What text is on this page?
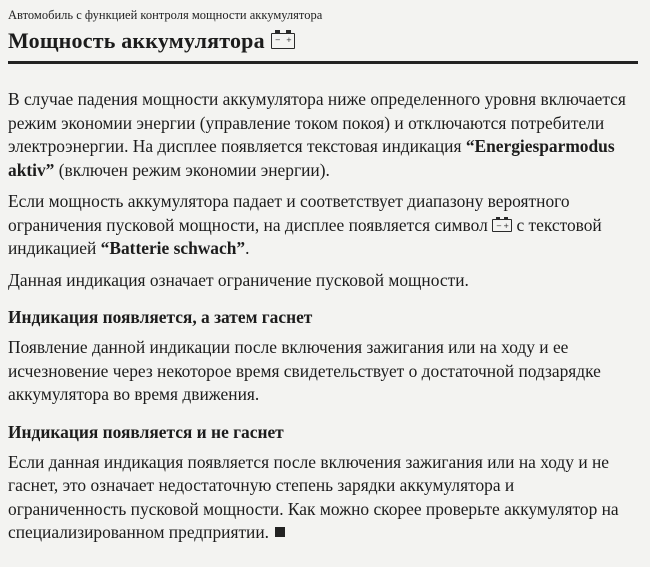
Автомобиль с функцией контроля мощности аккумулятора
Мощность аккумулятора − +

В случае падения мощности аккумулятора ниже определенного уровня включается режим экономии энергии (управление током покоя) и отключаются потребители электроэнергии. На дисплее появляется текстовая индикация “Energiesparmodus aktiv” (включен режим экономии энергии).

Если мощность аккумулятора падает и соответствует диапазону вероятного ограничения пусковой мощности, на дисплее появляется символ − + с текстовой индикацией “Batterie schwach”.

Данная индикация означает ограничение пусковой мощности.

Индикация появляется, а затем гаснет

Появление данной индикации после включения зажигания или на ходу и ее исчезновение через некоторое время свидетельствует о достаточной подзарядке аккумулятора во время движения.

Индикация появляется и не гаснет

Если данная индикация появляется после включения зажигания или на ходу и не гаснет, это означает недостаточную степень зарядки аккумулятора и ограниченность пусковой мощности. Как можно скорее проверьте аккумулятор на специализированном предприятии.
